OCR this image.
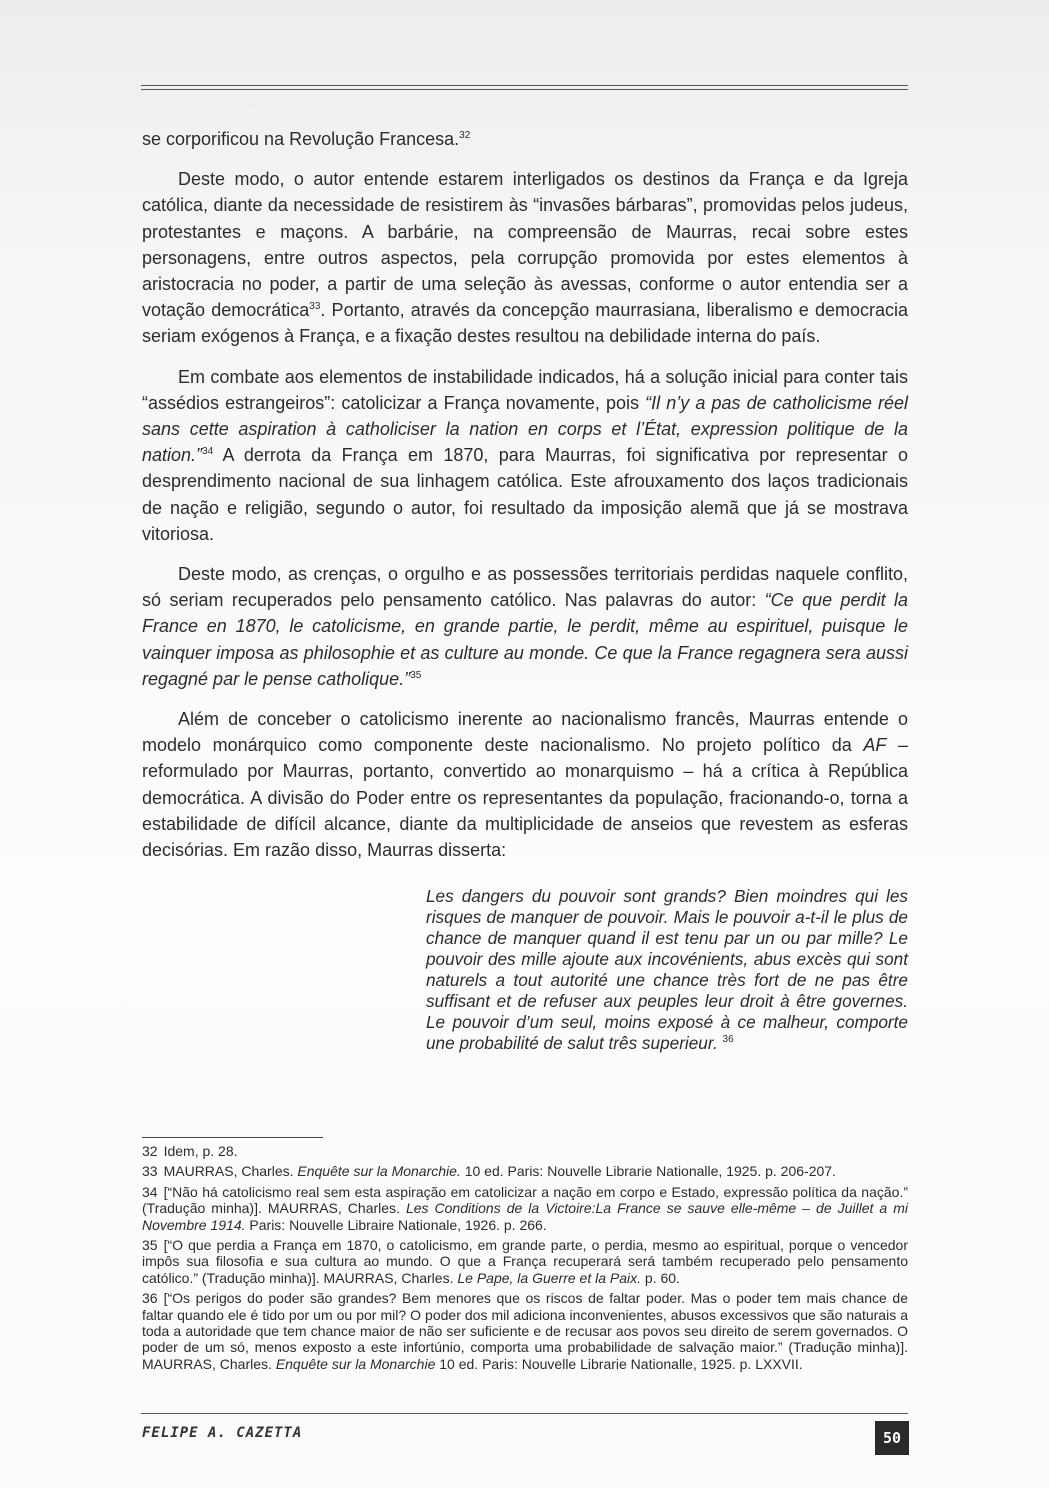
se corporificou na Revolução Francesa.$^{32}$

Deste modo, o autor entende estarem interligados os destinos da França e da Igreja católica, diante da necessidade de resistirem às “invasões bárbaras”, promovidas pelos judeus, protestantes e maçons. A barbárie, na compreensão de Maurras, recai sobre estes personagens, entre outros aspectos, pela corrupção promovida por estes elementos à aristocracia no poder, a partir de uma seleção às avessas, conforme o autor entendia ser a votação democrática$^{33}$. Portanto, através da concepção maurrasiana, liberalismo e democracia seriam exógenos à França, e a fixação destes resultou na debilidade interna do país.

Em combate aos elementos de instabilidade indicados, há a solução inicial para conter tais “assédios estrangeiros”: catolicizar a França novamente, pois “Il n’y a pas de catholicisme réel sans cette aspiration à catholiciser la nation en corps et l’État, expression politique de la nation.”$^{34}$ A derrota da França em 1870, para Maurras, foi significativa por representar o desprendimento nacional de sua linhagem católica. Este afrouxamento dos laços tradicionais de nação e religião, segundo o autor, foi resultado da imposição alemã que já se mostrava vitoriosa.

Deste modo, as crenças, o orgulho e as possessões territoriais perdidas naquele conflito, só seriam recuperados pelo pensamento católico. Nas palavras do autor: “Ce que perdit la France en 1870, le catolicisme, en grande partie, le perdit, même au espirituel, puisque le vainquer imposa as philosophie et as culture au monde. Ce que la France regagnera sera aussi regagné par le pense catholique.”$^{35}$

Além de conceber o catolicismo inerente ao nacionalismo francês, Maurras entende o modelo monárquico como componente deste nacionalismo. No projeto político da AF – reformulado por Maurras, portanto, convertido ao monarquismo – há a crítica à República democrática. A divisão do Poder entre os representantes da população, fracionando-o, torna a estabilidade de difícil alcance, diante da multiplicidade de anseios que revestem as esferas decisórias. Em razão disso, Maurras disserta:

Les dangers du pouvoir sont grands? Bien moindres qui les risques de manquer de pouvoir. Mais le pouvoir a-t-il le plus de chance de manquer quand il est tenu par un ou par mille? Le pouvoir des mille ajoute aux incovénients, abus excès qui sont naturels a tout autorité une chance très fort de ne pas être suffisant et de refuser aux peuples leur droit à être governes. Le pouvoir d’um seul, moins exposé à ce malheur, comporte une probabilité de salut três superieur. $^{36}$
32 Idem, p. 28.
33 MAURRAS, Charles. Enquête sur la Monarchie. 10 ed. Paris: Nouvelle Librarie Nationalle, 1925. p. 206-207.
34 [“Não há catolicismo real sem esta aspiração em catolicizar a nação em corpo e Estado, expressão política da nação.” (Tradução minha)]. MAURRAS, Charles. Les Conditions de la Victoire:La France se sauve elle-même – de Juillet a mi Novembre 1914. Paris: Nouvelle Libraire Nationale, 1926. p. 266.
35 [“O que perdia a França em 1870, o catolicismo, em grande parte, o perdia, mesmo ao espiritual, porque o vencedor impôs sua filosofia e sua cultura ao mundo. O que a França recuperará será também recuperado pelo pensamento católico.” (Tradução minha)]. MAURRAS, Charles. Le Pape, la Guerre et la Paix. p. 60.
36 [“Os perigos do poder são grandes? Bem menores que os riscos de faltar poder. Mas o poder tem mais chance de faltar quando ele é tido por um ou por mil? O poder dos mil adiciona inconvenientes, abusos excessivos que são naturais a toda a autoridade que tem chance maior de não ser suficiente e de recusar aos povos seu direito de serem governados. O poder de um só, menos exposto a este infortúnio, comporta uma probabilidade de salvação maior.” (Tradução minha)]. MAURRAS, Charles. Enquête sur la Monarchie 10 ed. Paris: Nouvelle Librarie Nationalle, 1925. p. LXXVII.
FELIPE A. CAZETTA	50
